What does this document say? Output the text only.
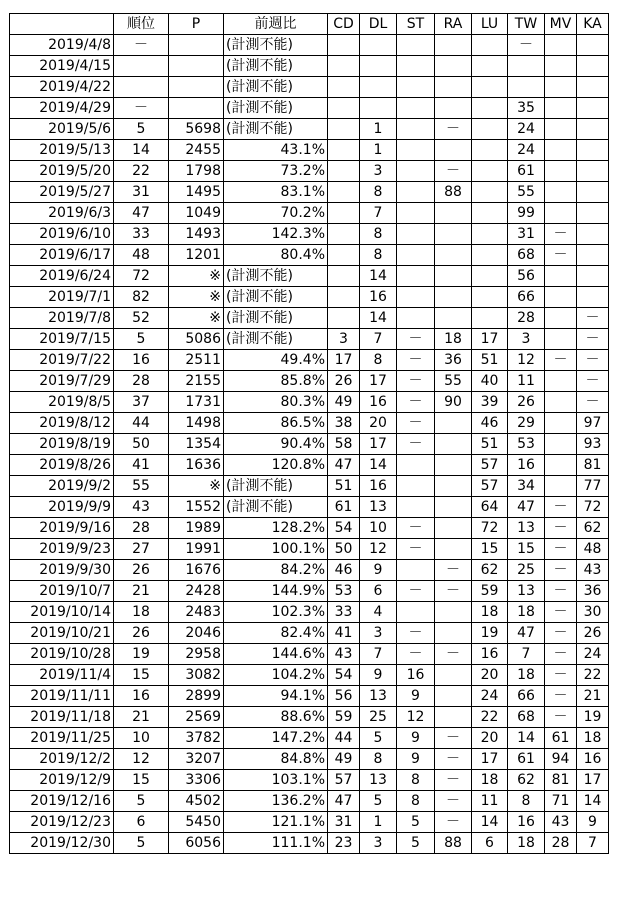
	順位	P	前週比	CD	DL	ST	RA	LU	TW	MV	KA
2019/4/8	－		(計測不能)						－		
2019/4/15			(計測不能)								
2019/4/22			(計測不能)								
2019/4/29	－		(計測不能)						35		
2019/5/6	5	5698	(計測不能)		1		－		24		
2019/5/13	14	2455	43.1%		1				24		
2019/5/20	22	1798	73.2%		3		－		61		
2019/5/27	31	1495	83.1%		8		88		55		
2019/6/3	47	1049	70.2%		7				99		
2019/6/10	33	1493	142.3%		8				31	－	
2019/6/17	48	1201	80.4%		8				68	－	
2019/6/24	72	※	(計測不能)		14				56		
2019/7/1	82	※	(計測不能)		16				66		
2019/7/8	52	※	(計測不能)		14				28		－
2019/7/15	5	5086	(計測不能)	3	7	－	18	17	3		－
2019/7/22	16	2511	49.4%	17	8	－	36	51	12	－	－
2019/7/29	28	2155	85.8%	26	17	－	55	40	11		－
2019/8/5	37	1731	80.3%	49	16	－	90	39	26		－
2019/8/12	44	1498	86.5%	38	20	－		46	29		97
2019/8/19	50	1354	90.4%	58	17	－		51	53		93
2019/8/26	41	1636	120.8%	47	14			57	16		81
2019/9/2	55	※	(計測不能)	51	16			57	34		77
2019/9/9	43	1552	(計測不能)	61	13			64	47	－	72
2019/9/16	28	1989	128.2%	54	10	－		72	13	－	62
2019/9/23	27	1991	100.1%	50	12	－		15	15	－	48
2019/9/30	26	1676	84.2%	46	9		－	62	25	－	43
2019/10/7	21	2428	144.9%	53	6	－	－	59	13	－	36
2019/10/14	18	2483	102.3%	33	4			18	18	－	30
2019/10/21	26	2046	82.4%	41	3	－		19	47	－	26
2019/10/28	19	2958	144.6%	43	7	－	－	16	7	－	24
2019/11/4	15	3082	104.2%	54	9	16		20	18	－	22
2019/11/11	16	2899	94.1%	56	13	9		24	66	－	21
2019/11/18	21	2569	88.6%	59	25	12		22	68	－	19
2019/11/25	10	3782	147.2%	44	5	9	－	20	14	61	18
2019/12/2	12	3207	84.8%	49	8	9	－	17	61	94	16
2019/12/9	15	3306	103.1%	57	13	8	－	18	62	81	17
2019/12/16	5	4502	136.2%	47	5	8	－	11	8	71	14
2019/12/23	6	5450	121.1%	31	1	5	－	14	16	43	9
2019/12/30	5	6056	111.1%	23	3	5	88	6	18	28	7
